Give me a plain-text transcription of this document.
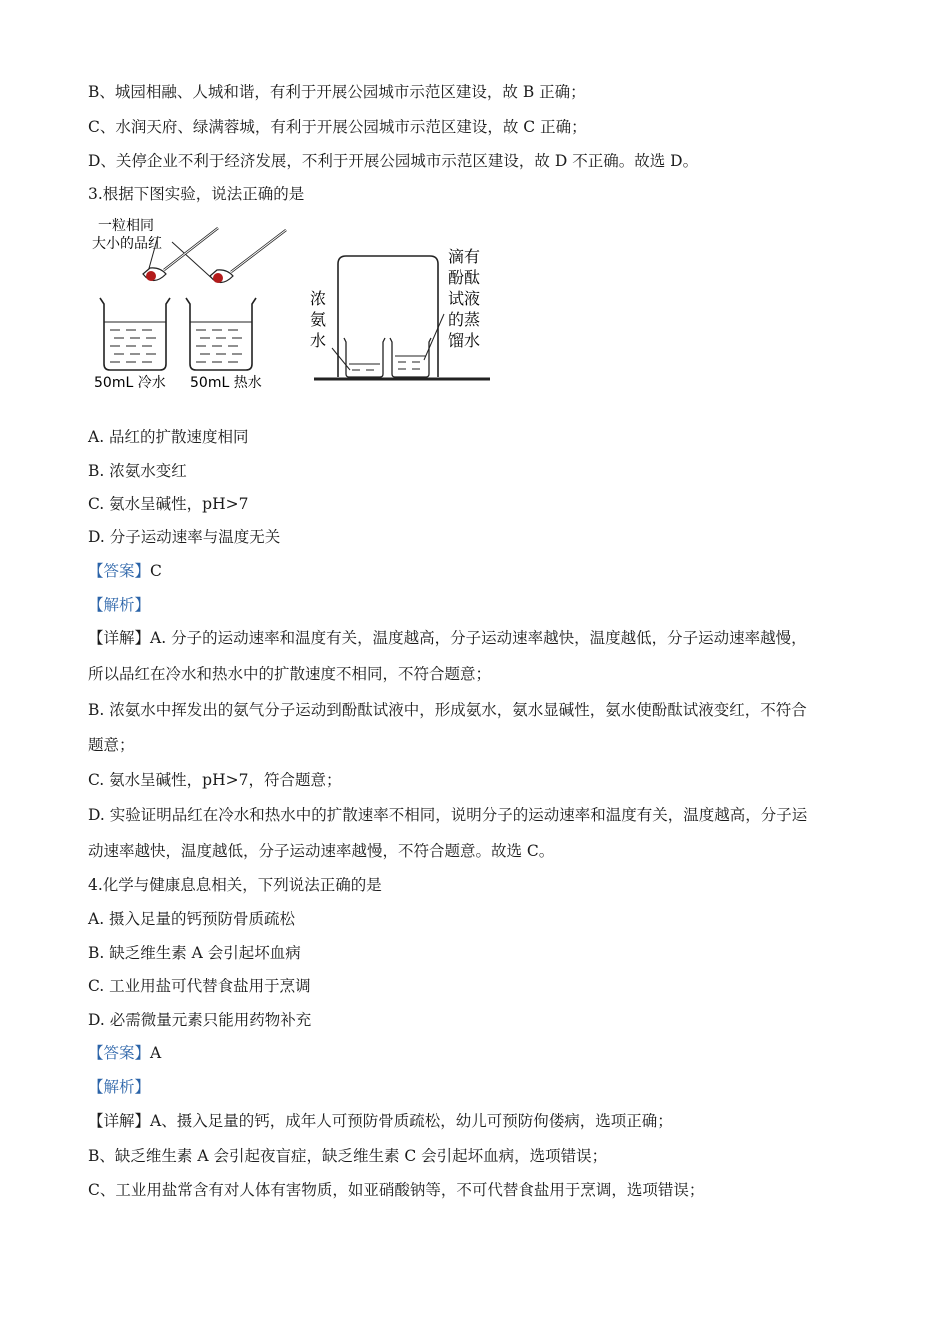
B、城园相融、人城和谐，有利于开展公园城市示范区建设，故 B 正确；
C、水润天府、绿满蓉城，有利于开展公园城市示范区建设，故 C 正确；
D、关停企业不利于经济发展，不利于开展公园城市示范区建设，故 D 不正确。故选 D。
3.根据下图实验，说法正确的是
一粒相同
大小的品红
50mL 冷水 50mL 热水
浓
氨
水
滴有
酚酞
试液
的蒸
馏水
A. 品红的扩散速度相同
B. 浓氨水变红
C. 氨水呈碱性，pH>7
D. 分子运动速率与温度无关
【答案】C
【解析】
【详解】A. 分子的运动速率和温度有关，温度越高，分子运动速率越快，温度越低，分子运动速率越慢，
所以品红在冷水和热水中的扩散速度不相同，不符合题意；
B. 浓氨水中挥发出的氨气分子运动到酚酞试液中，形成氨水，氨水显碱性，氨水使酚酞试液变红，不符合
题意；
C. 氨水呈碱性，pH>7，符合题意；
D. 实验证明品红在冷水和热水中的扩散速率不相同，说明分子的运动速率和温度有关，温度越高，分子运
动速率越快，温度越低，分子运动速率越慢，不符合题意。故选 C。
4.化学与健康息息相关，下列说法正确的是
A. 摄入足量的钙预防骨质疏松
B. 缺乏维生素 A 会引起坏血病
C. 工业用盐可代替食盐用于烹调
D. 必需微量元素只能用药物补充
【答案】A
【解析】
【详解】A、摄入足量的钙，成年人可预防骨质疏松，幼儿可预防佝偻病，选项正确；
B、缺乏维生素 A 会引起夜盲症，缺乏维生素 C 会引起坏血病，选项错误；
C、工业用盐常含有对人体有害物质，如亚硝酸钠等，不可代替食盐用于烹调，选项错误；
